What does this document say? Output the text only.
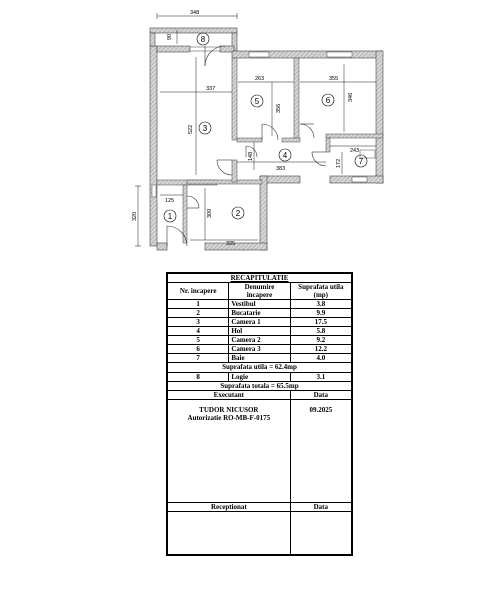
348
90
337
522
263
356
355
346
383
148
243
172
125
320	309
325
1	2
3
4
5	6
7
8
RECAPITULATIE		
Nr. incapere	Denumire incapere	Suprafata utila (mp)
1	Vestibul	3.8
2	Bucatarie	9.9
3	Camera 1	17.5
4	Hol	5.8
5	Camera 2	9.2
6	Camera 3	12.2
7	Baie	4.0
Suprafata utila = 62.4mp		
8	Logie	3.1
Suprafata totala = 65.5mp		
Executant		Data

TUDOR NICUSOR
Autorizatie RO-MB-F-0175		09.2025
Receptionat		Data
